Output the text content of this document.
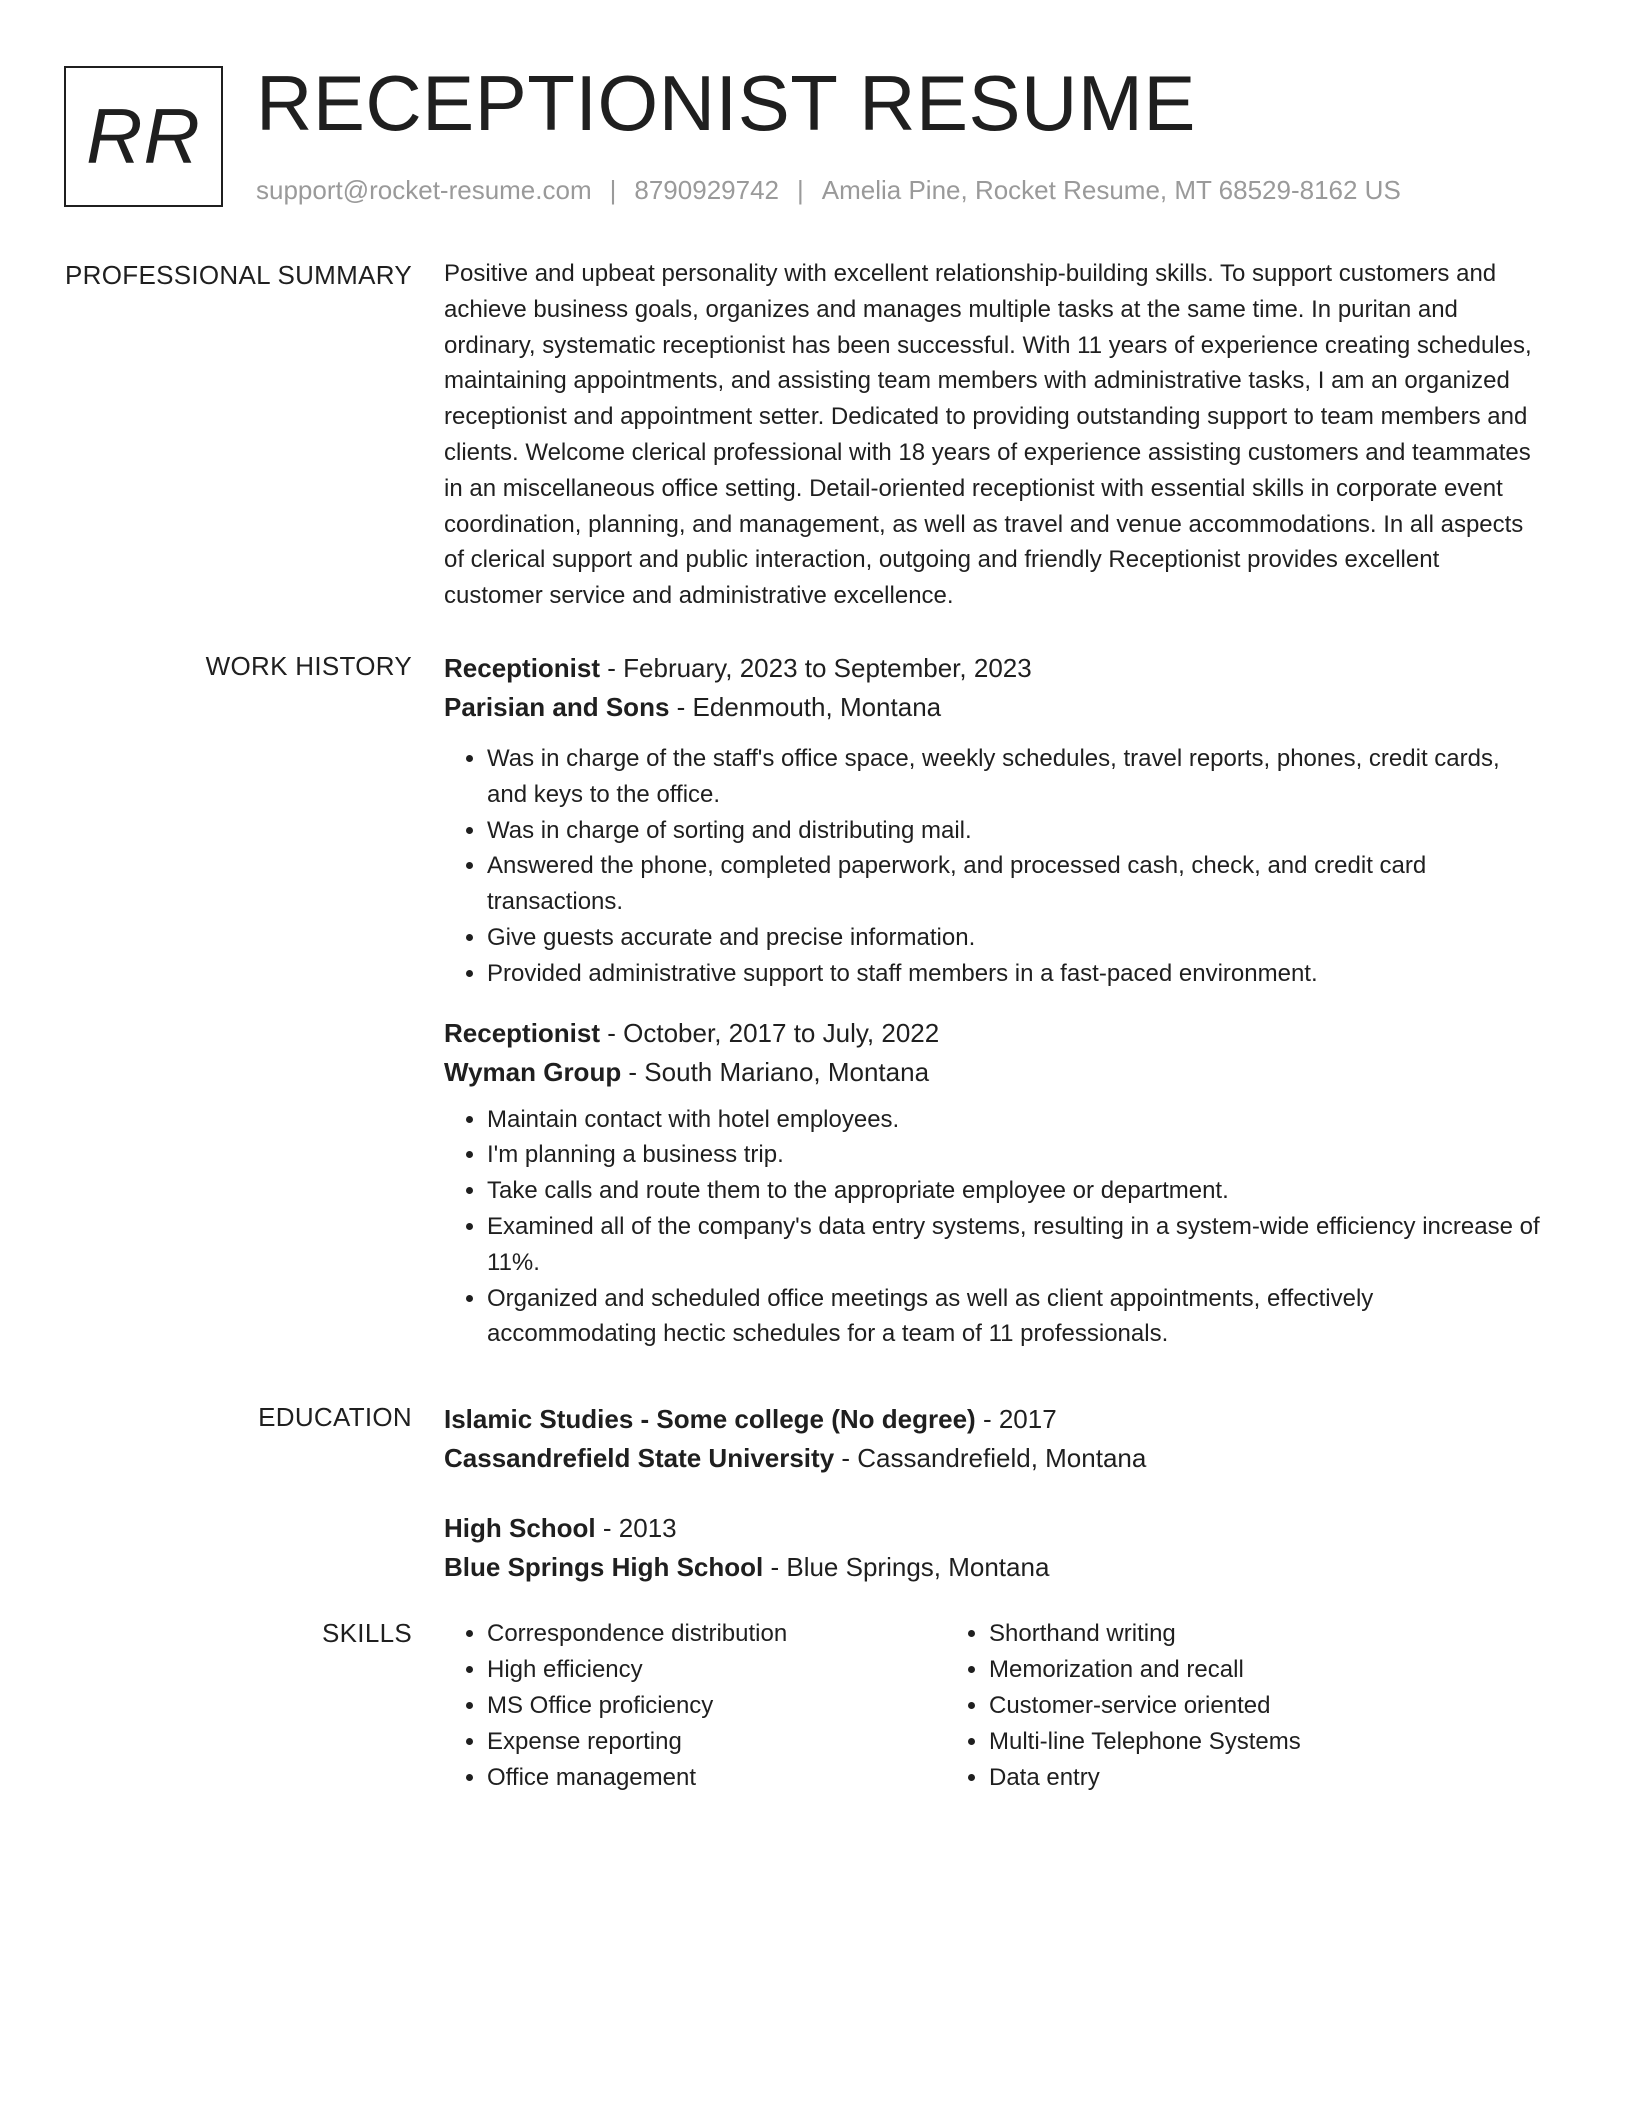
RR RECEPTIONIST RESUME
support@rocket-resume.com | 8790929742 | Amelia Pine, Rocket Resume, MT 68529-8162 US
PROFESSIONAL SUMMARY Positive and upbeat personality with excellent relationship-building skills. To support customers and achieve business goals, organizes and manages multiple tasks at the same time. In puritan and ordinary, systematic receptionist has been successful. With 11 years of experience creating schedules, maintaining appointments, and assisting team members with administrative tasks, I am an organized receptionist and appointment setter. Dedicated to providing outstanding support to team members and clients. Welcome clerical professional with 18 years of experience assisting customers and teammates in an miscellaneous office setting. Detail-oriented receptionist with essential skills in corporate event coordination, planning, and management, as well as travel and venue accommodations. In all aspects of clerical support and public interaction, outgoing and friendly Receptionist provides excellent customer service and administrative excellence.

WORK HISTORY Receptionist - February, 2023 to September, 2023
Parisian and Sons - Edenmouth, Montana
• Was in charge of the staff's office space, weekly schedules, travel reports, phones, credit cards, and keys to the office.
• Was in charge of sorting and distributing mail.
• Answered the phone, completed paperwork, and processed cash, check, and credit card transactions.
• Give guests accurate and precise information.
• Provided administrative support to staff members in a fast-paced environment.
Receptionist - October, 2017 to July, 2022
Wyman Group - South Mariano, Montana
• Maintain contact with hotel employees.
• I'm planning a business trip.
• Take calls and route them to the appropriate employee or department.
• Examined all of the company's data entry systems, resulting in a system-wide efficiency increase of 11%.
• Organized and scheduled office meetings as well as client appointments, effectively accommodating hectic schedules for a team of 11 professionals.
EDUCATION Islamic Studies - Some college (No degree) - 2017
Cassandrefield State University - Cassandrefield, Montana
High School - 2013
Blue Springs High School - Blue Springs, Montana
SKILLS
•	Correspondence distribution
• High efficiency
• MS Office proficiency
• Expense reporting
• Office management
• Shorthand writing
• Memorization and recall
• Customer-service oriented
• Multi-line Telephone Systems
• Data entry
